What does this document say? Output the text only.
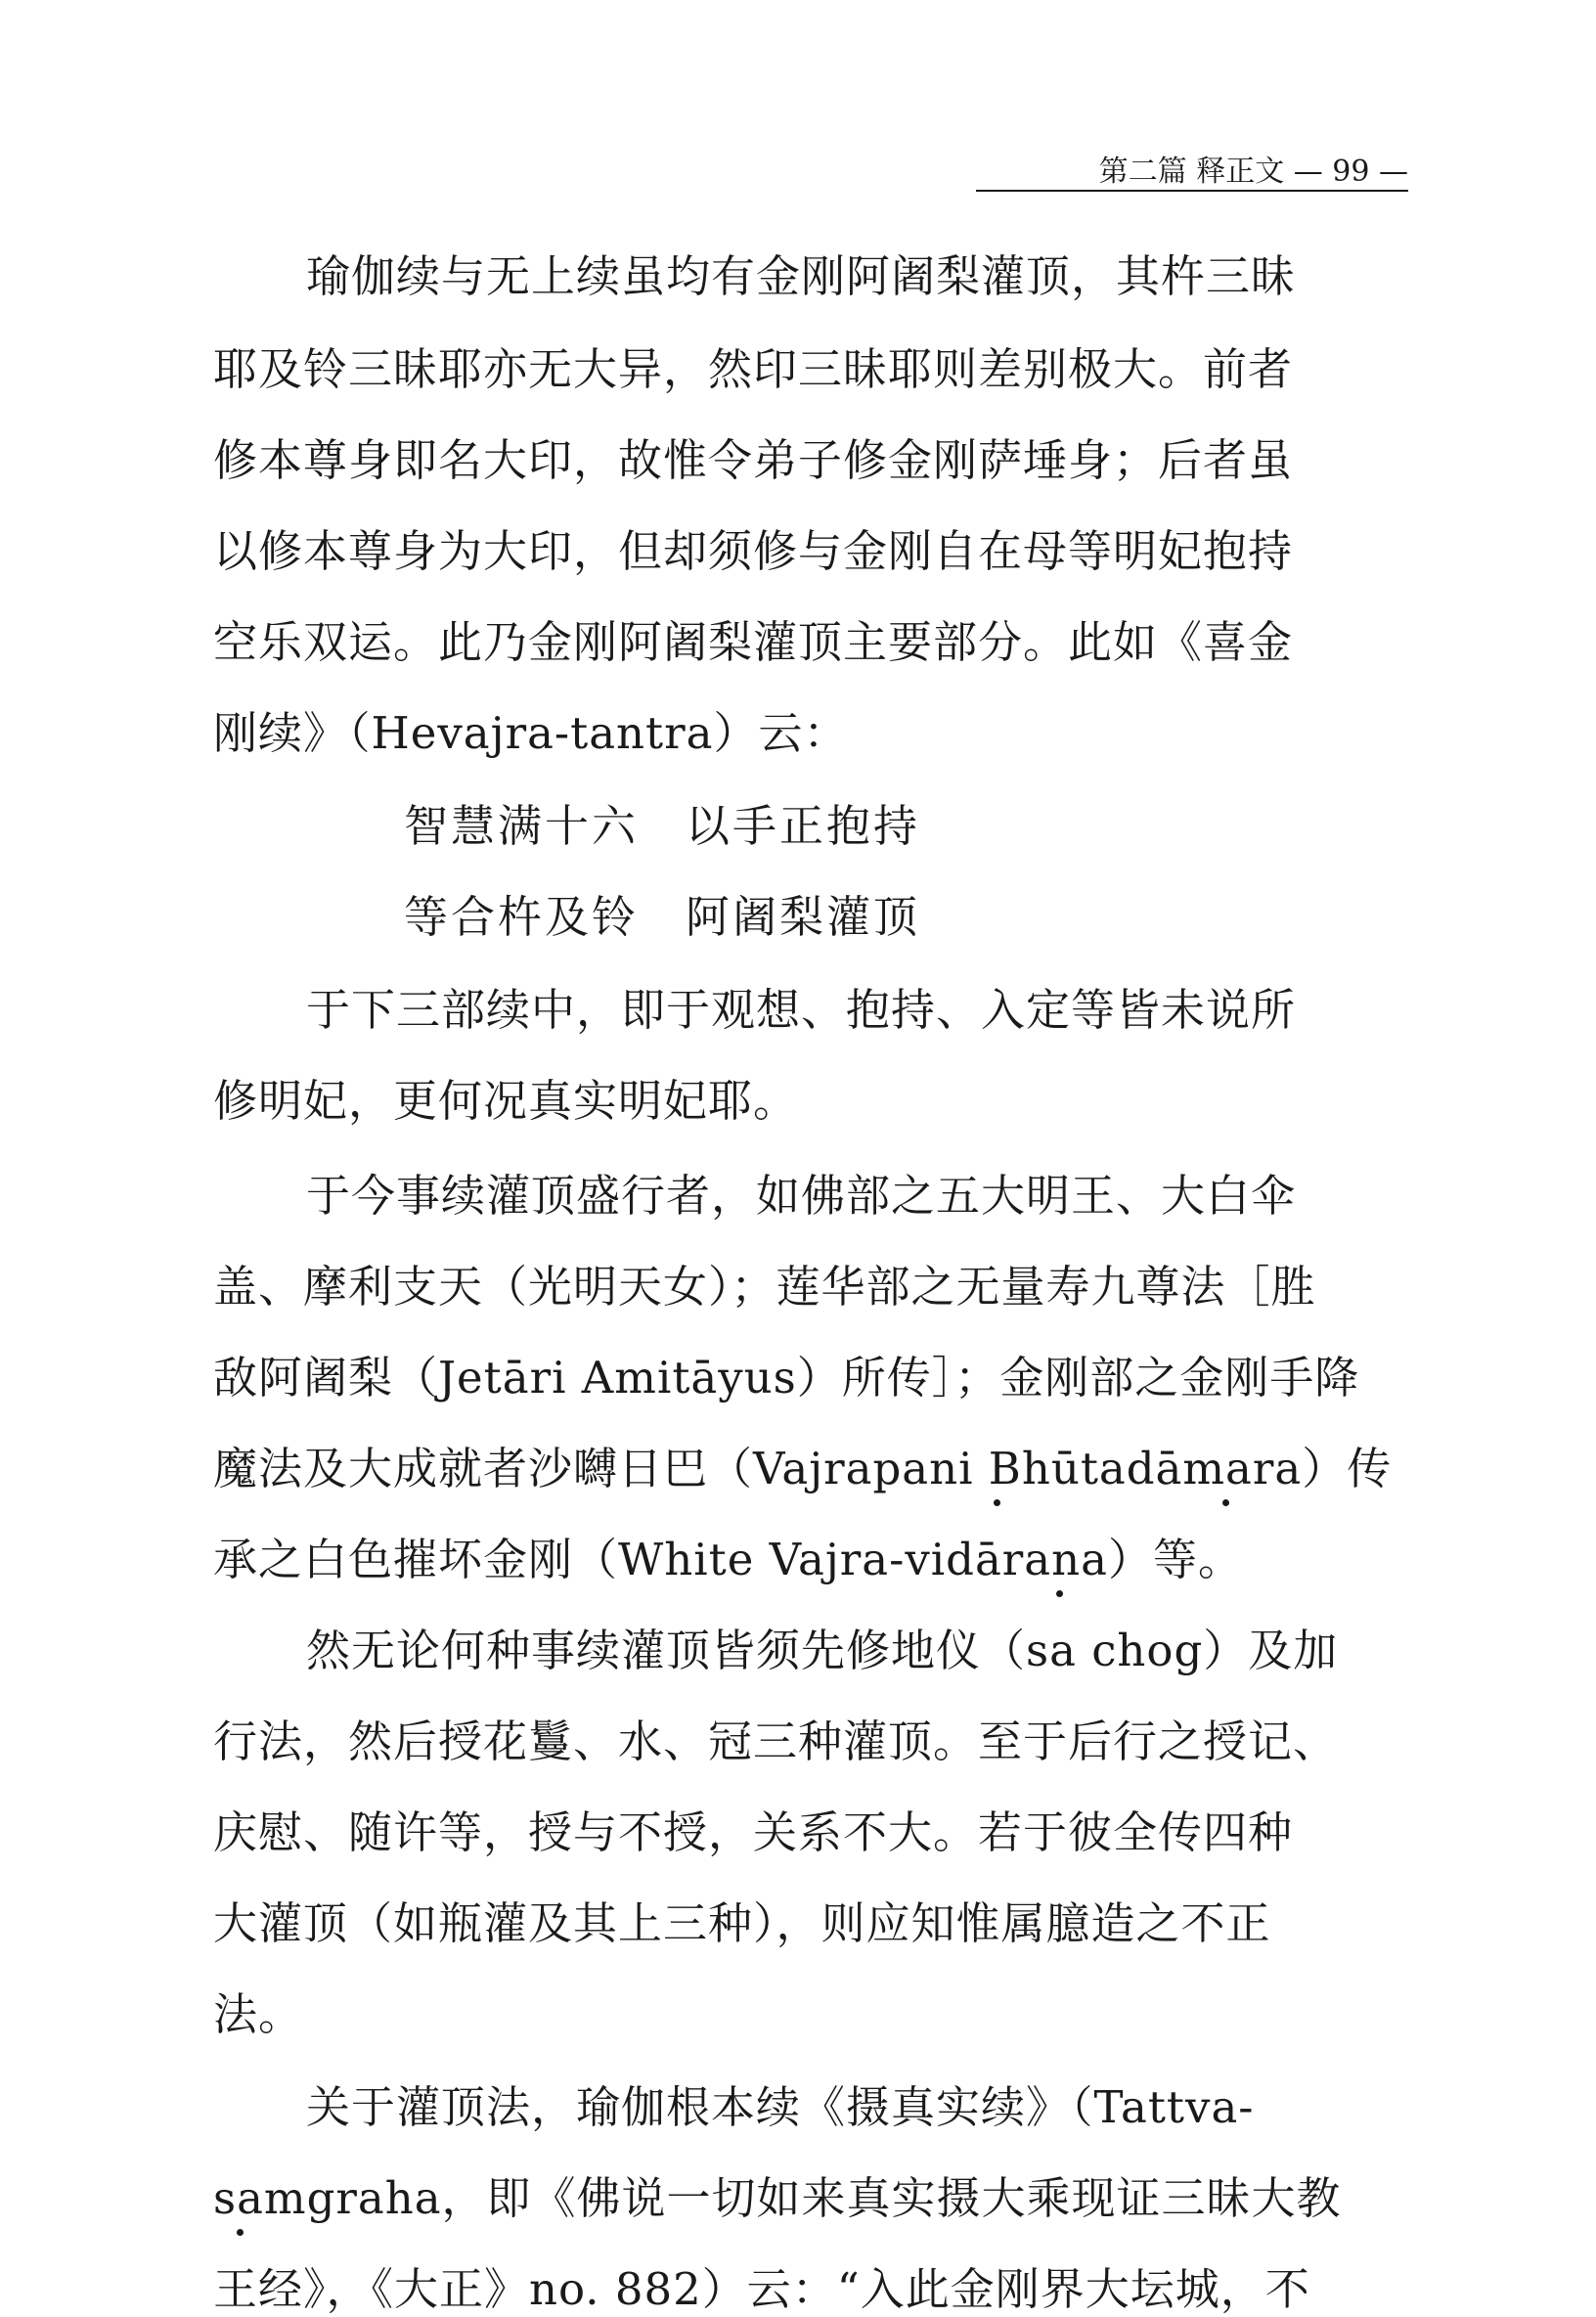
第二篇 释正文 — 99 —
瑜伽续与无上续虽均有金刚阿阇梨灌顶，其杵三昧
耶及铃三昧耶亦无大异，然印三昧耶则差别极大。前者
修本尊身即名大印，故惟令弟子修金刚萨埵身；后者虽
以修本尊身为大印，但却须修与金刚自在母等明妃抱持
空乐双运。此乃金刚阿阇梨灌顶主要部分。此如《喜金
刚续》（Hevajra-tantra）云：
智慧满十六　以手正抱持
等合杵及铃　阿阇梨灌顶
于下三部续中，即于观想、抱持、入定等皆未说所
修明妃，更何况真实明妃耶。
于今事续灌顶盛行者，如佛部之五大明王、大白伞
盖、摩利支天（光明天女）；莲华部之无量寿九尊法［胜
敌阿阇梨（Jetāri Amitāyus）所传］；金刚部之金刚手降
魔法及大成就者沙嚩日巴（Vajrapani Bhūtadāmara）传
承之白色摧坏金刚（White Vajra-vidārana）等。
然无论何种事续灌顶皆须先修地仪（sa chog）及加
行法，然后授花鬘、水、冠三种灌顶。至于后行之授记、
庆慰、随许等，授与不授，关系不大。若于彼全传四种
大灌顶（如瓶灌及其上三种），则应知惟属臆造之不正
法。
关于灌顶法，瑜伽根本续《摄真实续》（Tattva-
samgraha，即《佛说一切如来真实摄大乘现证三昧大教
王经》，《大正》no. 882）云：“入此金刚界大坛城，不
